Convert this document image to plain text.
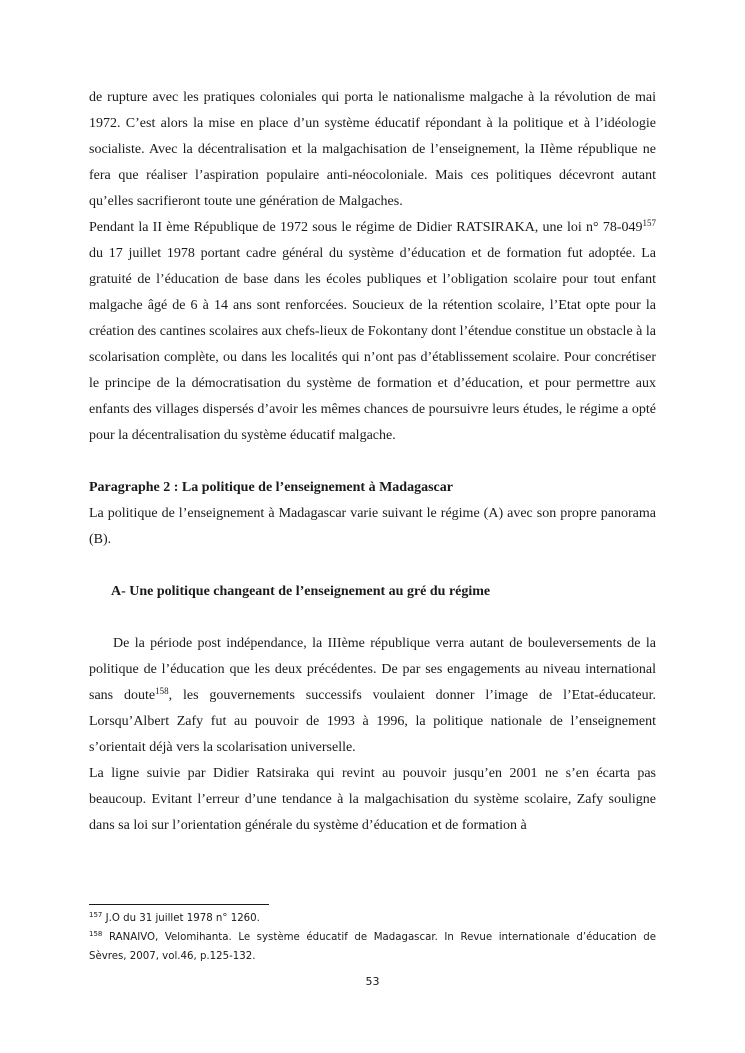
de rupture avec les pratiques coloniales qui porta le nationalisme malgache à la révolution de mai 1972. C’est alors la mise en place d’un système éducatif répondant à la politique et à l’idéologie socialiste. Avec la décentralisation et la malgachisation de l’enseignement, la IIème république ne fera que réaliser l’aspiration populaire anti-néocoloniale. Mais ces politiques décevront autant qu’elles sacrifieront toute une génération de Malgaches.

Pendant la II ème République de 1972 sous le régime de Didier RATSIRAKA, une loi n° $78-049^{157}$ du 17 juillet 1978 portant cadre général du système d’éducation et de formation fut adoptée. La gratuité de l’éducation de base dans les écoles publiques et l’obligation scolaire pour tout enfant malgache âgé de 6 à 14 ans sont renforcées. Soucieux de la rétention scolaire, l’Etat opte pour la création des cantines scolaires aux chefs-lieux de Fokontany dont l’étendue constitue un obstacle à la scolarisation complète, ou dans les localités qui n’ont pas d’établissement scolaire. Pour concrétiser le principe de la démocratisation du système de formation et d’éducation, et pour permettre aux enfants des villages dispersés d’avoir les mêmes chances de poursuivre leurs études, le régime a opté pour la décentralisation du système éducatif malgache.

Paragraphe 2 : La politique de l’enseignement à Madagascar

La politique de l’enseignement à Madagascar varie suivant le régime (A) avec son propre panorama (B).

A- Une politique changeant de l’enseignement au gré du régime

De la période post indépendance, la IIIème république verra autant de bouleversements de la politique de l’éducation que les deux précédentes. De par ses engagements au niveau international sans doute$^{158}$, les gouvernements successifs voulaient donner l’image de l’Etat-éducateur. Lorsqu’Albert Zafy fut au pouvoir de 1993 à 1996, la politique nationale de l’enseignement s’orientait déjà vers la scolarisation universelle.

La ligne suivie par Didier Ratsiraka qui revint au pouvoir jusqu’en 2001 ne s’en écarta pas beaucoup. Evitant l’erreur d’une tendance à la malgachisation du système scolaire, Zafy souligne dans sa loi sur l’orientation générale du système d’éducation et de formation à

$^{157}$ J.O du 31 juillet 1978 n° 1260.

$^{158}$ RANAIVO, Velomihanta. Le système éducatif de Madagascar. In Revue internationale d’éducation de Sèvres, 2007, vol.46, p.125-132.

53
